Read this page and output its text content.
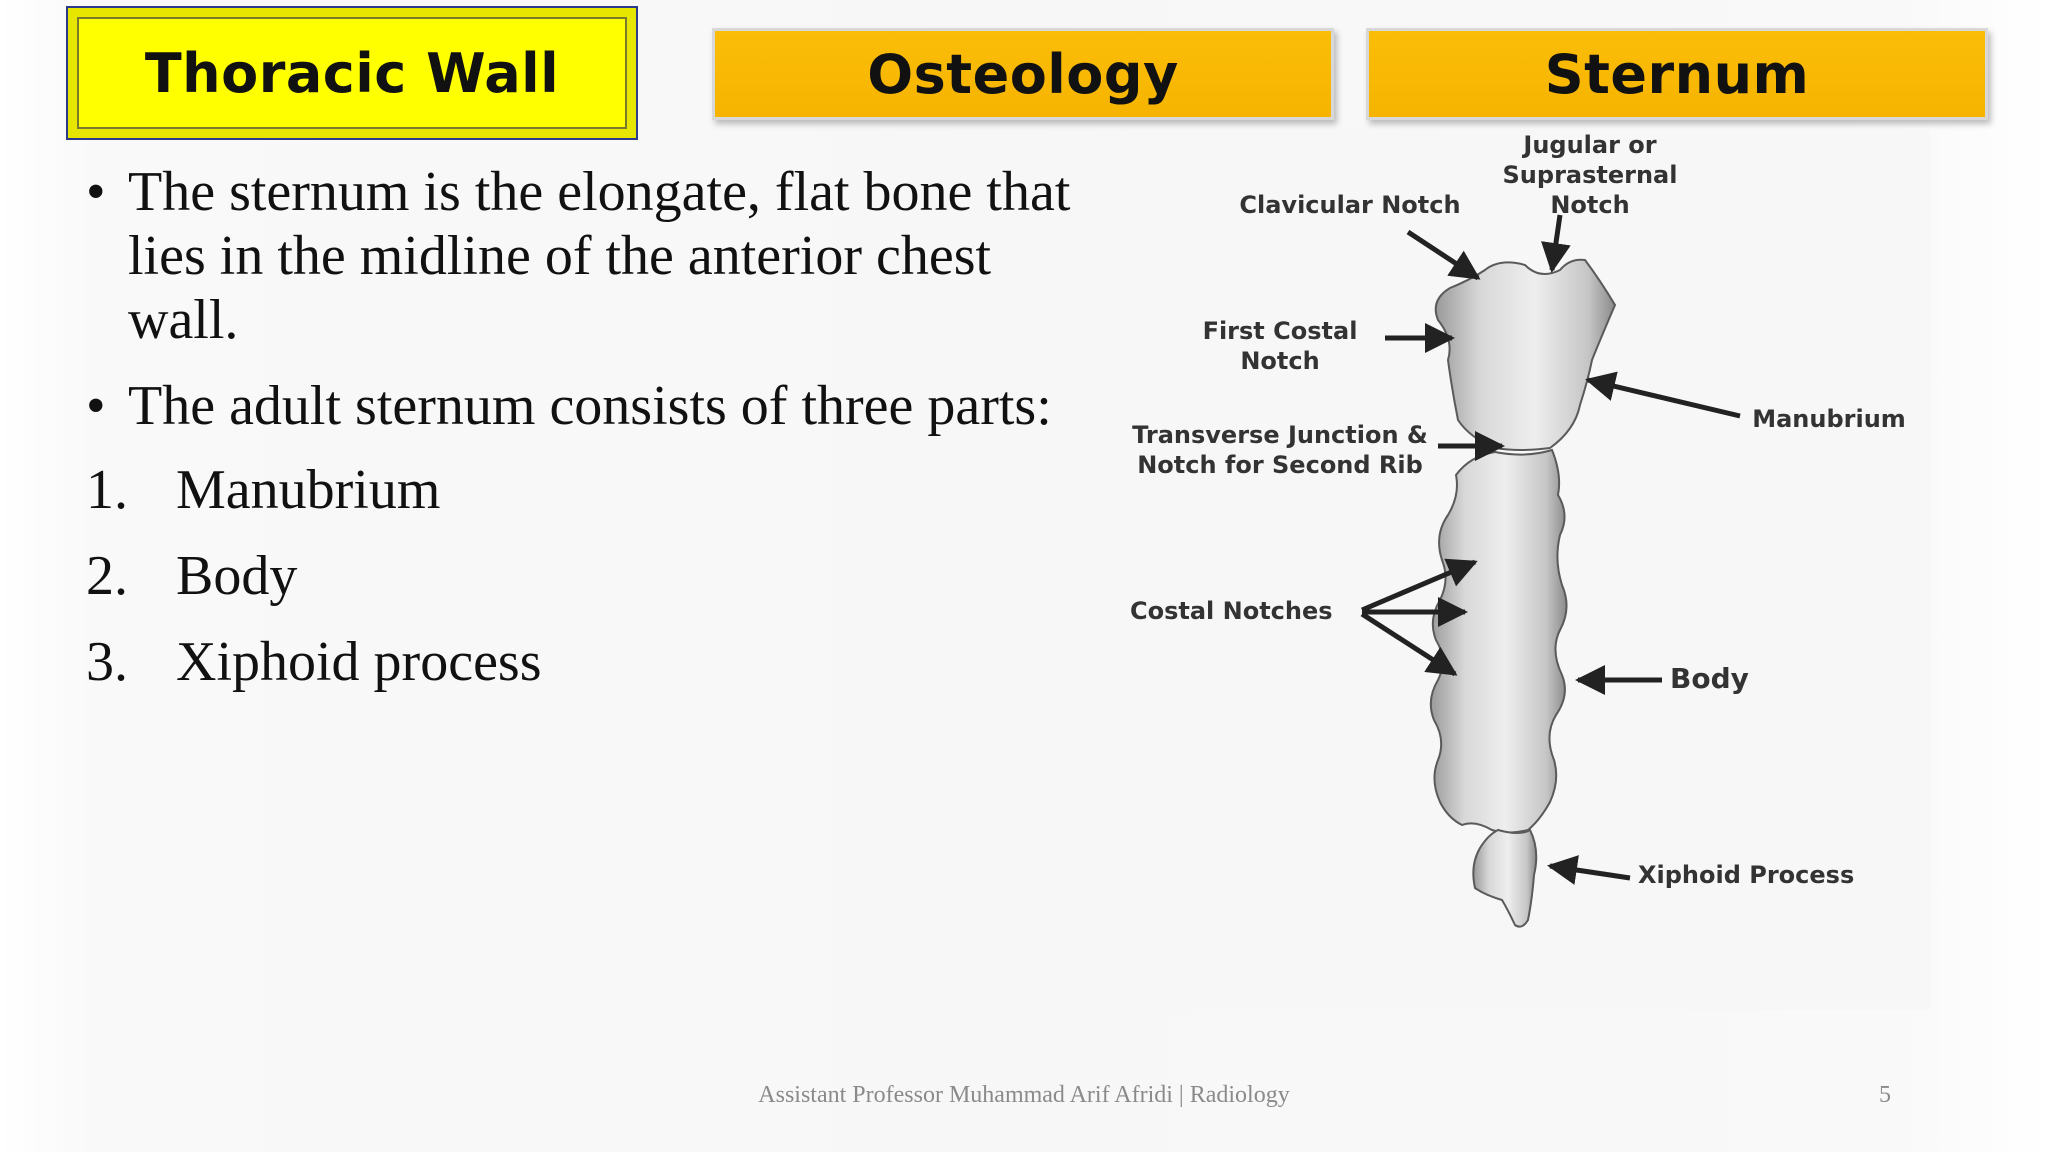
Thoracic Wall	Osteology	Sternum
• The sternum is the elongate, flat bone that lies in the midline of the anterior chest wall.
• The adult sternum consists of three parts:
1. Manubrium
2. Body
3. Xiphoid process
Jugular or
Suprasternal Notch
Clavicular Notch
First Costal
Notch
Manubrium
Transverse Junction &
Notch for Second Rib
Costal Notches
Body
Xiphoid Process
Assistant Professor Muhammad Arif Afridi | Radiology	5
